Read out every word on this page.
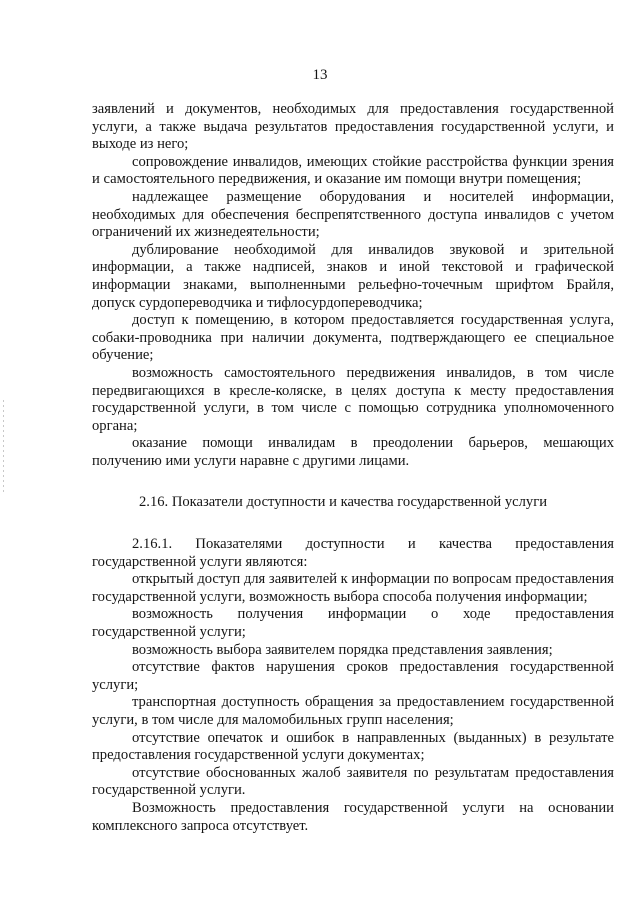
13

заявлений и документов, необходимых для предоставления государственной услуги, а также выдача результатов предоставления государственной услуги, и выходе из него;

сопровождение инвалидов, имеющих стойкие расстройства функции зрения и самостоятельного передвижения, и оказание им помощи внутри помещения;

надлежащее размещение оборудования и носителей информации, необходимых для обеспечения беспрепятственного доступа инвалидов с учетом ограничений их жизнедеятельности;

дублирование необходимой для инвалидов звуковой и зрительной информации, а также надписей, знаков и иной текстовой и графической информации знаками, выполненными рельефно-точечным шрифтом Брайля, допуск сурдопереводчика и тифлосурдопереводчика;

доступ к помещению, в котором предоставляется государственная услуга, собаки-проводника при наличии документа, подтверждающего ее специальное обучение;

возможность самостоятельного передвижения инвалидов, в том числе передвигающихся в кресле-коляске, в целях доступа к месту предоставления государственной услуги, в том числе с помощью сотрудника уполномоченного органа;

оказание помощи инвалидам в преодолении барьеров, мешающих получению ими услуги наравне с другими лицами.

2.16. Показатели доступности и качества государственной услуги

2.16.1. Показателями доступности и качества предоставления государственной услуги являются:

открытый доступ для заявителей к информации по вопросам предоставления государственной услуги, возможность выбора способа получения информации;

возможность получения информации о ходе предоставления государственной услуги;

возможность выбора заявителем порядка представления заявления;

отсутствие фактов нарушения сроков предоставления государственной услуги;

транспортная доступность обращения за предоставлением государственной услуги, в том числе для маломобильных групп населения;

отсутствие опечаток и ошибок в направленных (выданных) в результате предоставления государственной услуги документах;

отсутствие обоснованных жалоб заявителя по результатам предоставления государственной услуги.

Возможность предоставления государственной услуги на основании комплексного запроса отсутствует.
